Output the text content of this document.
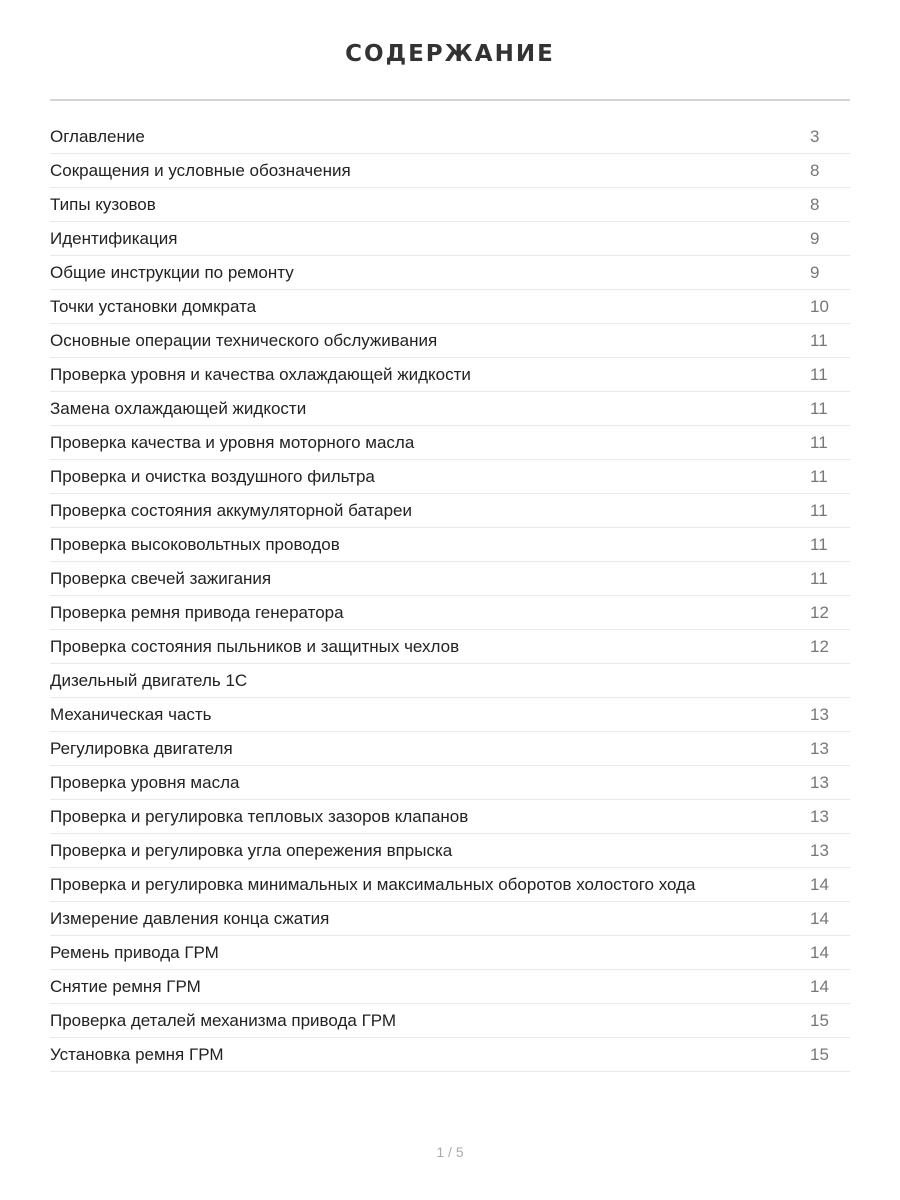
СОДЕРЖАНИЕ
Оглавление	3
Сокращения и условные обозначения	8
Типы кузовов	8
Идентификация	9
Общие инструкции по ремонту	9
Точки установки домкрата	10
Основные операции технического обслуживания	11
Проверка уровня и качества охлаждающей жидкости	11
Замена охлаждающей жидкости	11
Проверка качества и уровня моторного масла	11
Проверка и очистка воздушного фильтра	11
Проверка состояния аккумуляторной батареи	11
Проверка высоковольтных проводов	11
Проверка свечей зажигания	11
Проверка ремня привода генератора	12
Проверка состояния пыльников и защитных чехлов	12
Дизельный двигатель 1С
Механическая часть	13
Регулировка двигателя	13
Проверка уровня масла	13
Проверка и регулировка тепловых зазоров клапанов	13
Проверка и регулировка угла опережения впрыска	13
Проверка и регулировка минимальных и максимальных оборотов холостого хода	14
Измерение давления конца сжатия	14
Ремень привода ГРМ	14
Снятие ремня ГРМ	14
Проверка деталей механизма привода ГРМ	15
Установка ремня ГРМ	15
1 / 5
